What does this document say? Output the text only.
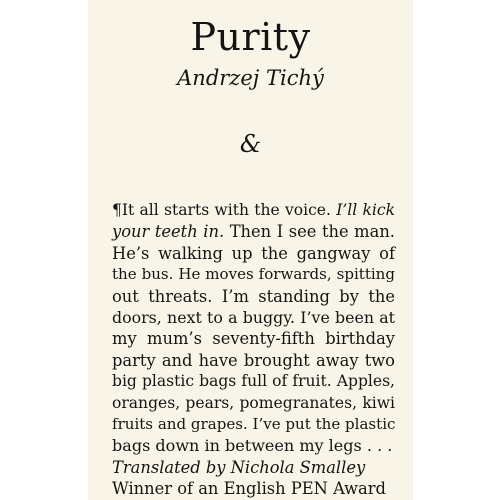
Purity
Andrzej Tichý
&
¶It all starts with the voice. I’ll kick
your teeth in. Then I see the man.
He’s walking up the gangway of
the bus. He moves forwards, spitting
out threats. I’m standing by the
doors, next to a buggy. I’ve been at
my mum’s seventy-fifth birthday
party and have brought away two
big plastic bags full of fruit. Apples,
oranges, pears, pomegranates, kiwi
fruits and grapes. I’ve put the plastic
bags down in between my legs . . .
Translated by Nichola Smalley
Winner of an English PEN Award
